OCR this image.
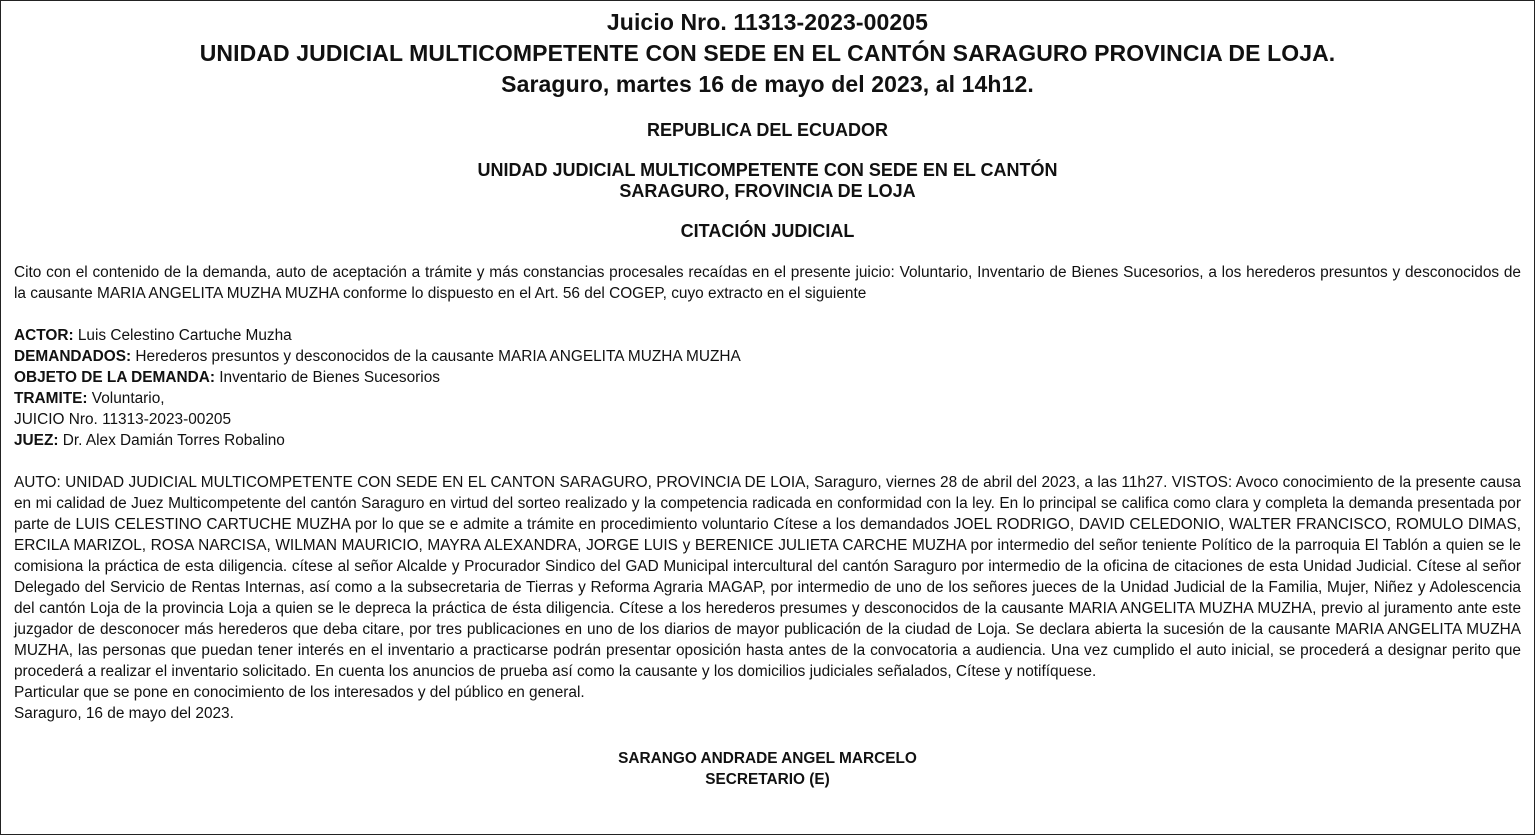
Juicio Nro. 11313-2023-00205
UNIDAD JUDICIAL MULTICOMPETENTE CON SEDE EN EL CANTÓN SARAGURO PROVINCIA DE LOJA.
Saraguro, martes 16 de mayo del 2023, al 14h12.
REPUBLICA DEL ECUADOR
UNIDAD JUDICIAL MULTICOMPETENTE CON SEDE EN EL CANTÓN
SARAGURO, FROVINCIA DE LOJA
CITACIÓN JUDICIAL
Cito con el contenido de la demanda, auto de aceptación a trámite y más constancias procesales recaídas en el presente juicio: Voluntario, Inventario de Bienes Sucesorios, a los herederos presuntos y desconocidos de la causante MARIA ANGELITA MUZHA MUZHA conforme lo dispuesto en el Art. 56 del COGEP, cuyo extracto en el siguiente
ACTOR: Luis Celestino Cartuche Muzha
DEMANDADOS: Herederos presuntos y desconocidos de la causante MARIA ANGELITA MUZHA MUZHA
OBJETO DE LA DEMANDA: Inventario de Bienes Sucesorios
TRAMITE: Voluntario,
JUICIO Nro. 11313-2023-00205
JUEZ: Dr. Alex Damián Torres Robalino
AUTO: UNIDAD JUDICIAL MULTICOMPETENTE CON SEDE EN EL CANTON SARAGURO, PROVINCIA DE LOIA, Saraguro, viernes 28 de abril del 2023, a las 11h27. VISTOS: Avoco conocimiento de la presente causa en mi calidad de Juez Multicompetente del cantón Saraguro en virtud del sorteo realizado y la competencia radicada en conformidad con la ley. En lo principal se califica como clara y completa la demanda presentada por parte de LUIS CELESTINO CARTUCHE MUZHA por lo que se e admite a trámite en procedimiento voluntario Cítese a los demandados JOEL RODRIGO, DAVID CELEDONIO, WALTER FRANCISCO, ROMULO DIMAS, ERCILA MARIZOL, ROSA NARCISA, WILMAN MAURICIO, MAYRA ALEXANDRA, JORGE LUIS y BERENICE JULIETA CARCHE MUZHA por intermedio del señor teniente Político de la parroquia El Tablón a quien se le comisiona la práctica de esta diligencia. cítese al señor Alcalde y Procurador Sindico del GAD Municipal intercultural del cantón Saraguro por intermedio de la oficina de citaciones de esta Unidad Judicial. Cítese al señor Delegado del Servicio de Rentas Internas, así como a la subsecretaria de Tierras y Reforma Agraria MAGAP, por intermedio de uno de los señores jueces de la Unidad Judicial de la Familia, Mujer, Niñez y Adolescencia del cantón Loja de la provincia Loja a quien se le depreca la práctica de ésta diligencia. Cítese a los herederos presumes y desconocidos de la causante MARIA ANGELITA MUZHA MUZHA, previo al juramento ante este juzgador de desconocer más herederos que deba citare, por tres publicaciones en uno de los diarios de mayor publicación de la ciudad de Loja. Se declara abierta la sucesión de la causante MARIA ANGELITA MUZHA MUZHA, las personas que puedan tener interés en el inventario a practicarse podrán presentar oposición hasta antes de la convocatoria a audiencia. Una vez cumplido el auto inicial, se procederá a designar perito que procederá a realizar el inventario solicitado. En cuenta los anuncios de prueba así como la causante y los domicilios judiciales señalados, Cítese y notifíquese.
Particular que se pone en conocimiento de los interesados y del público en general.
Saraguro, 16 de mayo del 2023.
SARANGO ANDRADE ANGEL MARCELO
SECRETARIO (E)
